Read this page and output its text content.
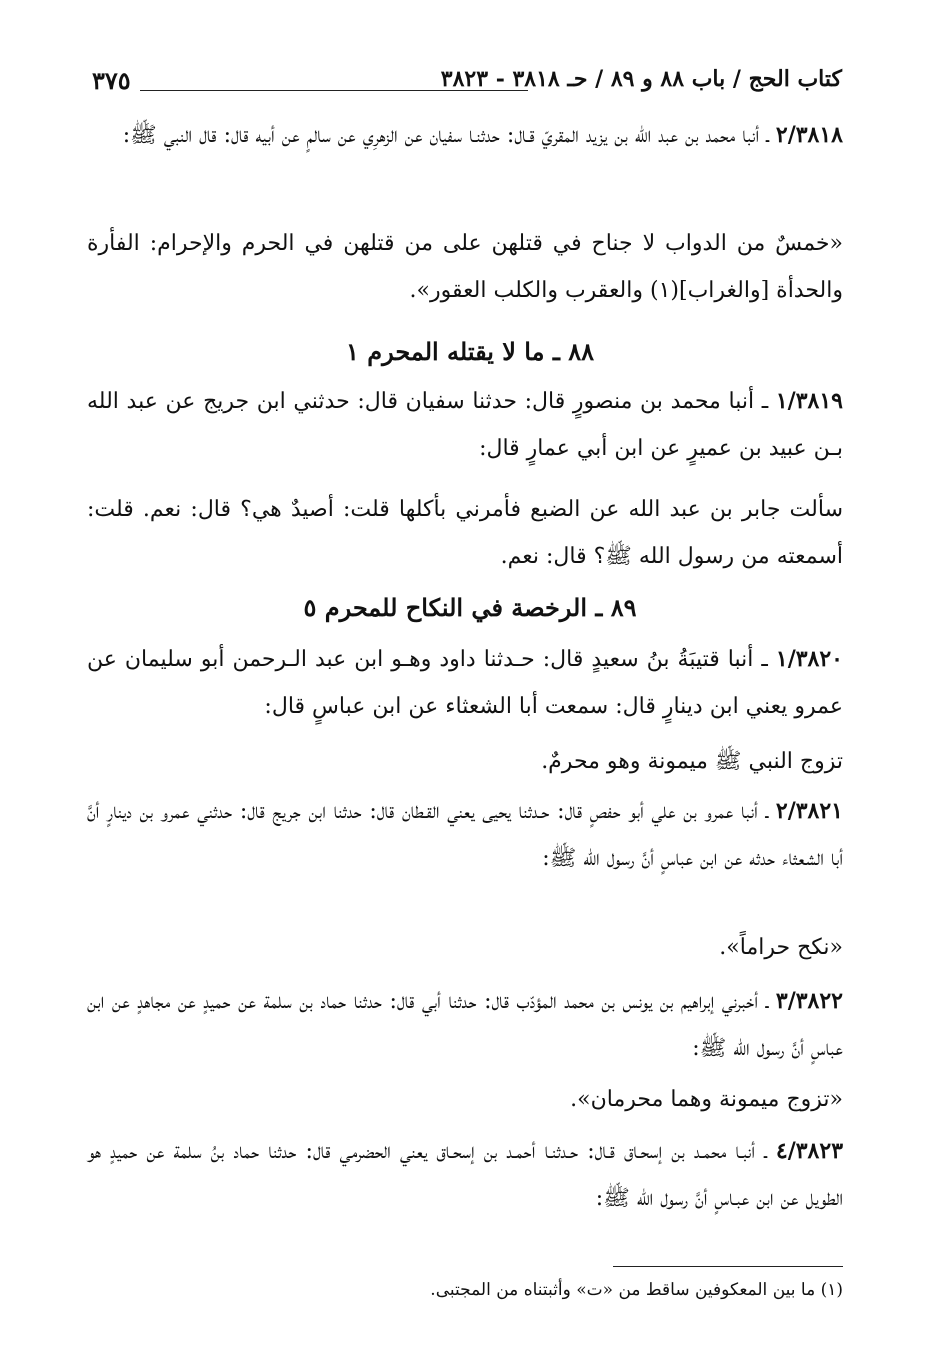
٣٧٥	كتاب الحج / باب ٨٨ و ٨٩ / حـ ٣٨١٨ - ٣٨٢٣
٢/٣٨١٨ ـ أنبا محمد بن عبد الله بن يزيد المقريّ قـال: حدثنـا سفيان عن الزهرِي عن سالمٍ عن أبيه قال: قال النبي ﷺ:
«خمسٌ من الدواب لا جناح في قتلهن على من قتلهن في الحرم والإحرام: الفأرة والحدأة [والغراب](١) والعقرب والكلب العقور».
٨٨ ـ ما لا يقتله المحرم ١
١/٣٨١٩ ـ أنبا محمد بن منصورٍ قال: حدثنا سفيان قال: حدثني ابن جريج عن عبد الله بـن عبيد بن عميرٍ عن ابن أبي عمارٍ قال:
سألت جابر بن عبد الله عن الضبع فأمرني بأكلها قلت: أصيدٌ هي؟ قال: نعم. قلت: أسمعته من رسول الله ﷺ؟ قال: نعم.
٨٩ ـ الرخصة في النكاح للمحرم ٥
١/٣٨٢٠ ـ أنبا قتيبَةُ بنُ سعيدٍ قال: حـدثنا داود وهـو ابن عبد الـرحمن أبو سليمان عن عمرو يعني ابن دينارٍ قال: سمعت أبا الشعثاء عن ابن عباسٍ قال:
تزوج النبي ﷺ ميمونة وهو محرمٌ.
٢/٣٨٢١ ـ أنبا عمرو بن علي أبو حفصٍ قال: حـدثنا يحيى يعني القـطان قال: حدثنا ابن جريج قال: حدثني عمرو بن دينارٍ أنَّ أبا الشعثاء حدثه عن ابن عباسٍ أنَّ رسول الله ﷺ:
«نكح حراماً».
٣/٣٨٢٢ ـ أخبرني إبراهيم بن يونس بن محمد المؤدّب قال: حدثنا أبي قال: حدثنا حماد بن سلمة عن حميدٍ عن مجاهدٍ عن ابن عباسٍ أنَّ رسول الله ﷺ:
«تزوج ميمونة وهما محرمان».
٤/٣٨٢٣ ـ أنبـا محمـد بن إسحـاق قـال: حـدثنـا أحمـد بن إسحـاق يعني الحضرمي قال: حدثنا حماد بنُ سلمة عن حميدٍ هو الطويل عن ابن عبـاسٍ أنَّ رسول الله ﷺ:
(١) ما بين المعكوفين ساقط من «ت» وأثبتناه من المجتبى.
